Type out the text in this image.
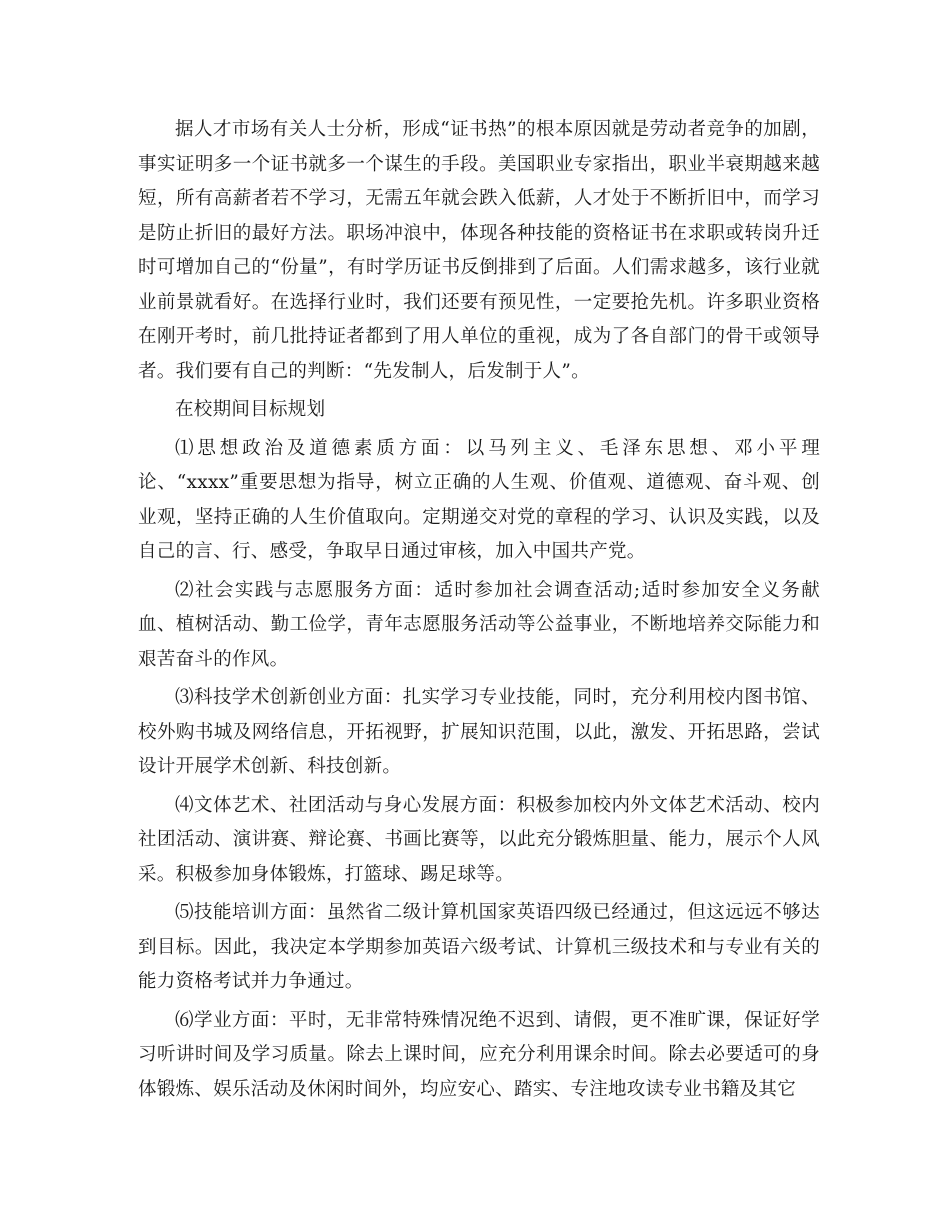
据人才市场有关人士分析，形成“证书热”的根本原因就是劳动者竞争的加剧，事实证明多一个证书就多一个谋生的手段。美国职业专家指出，职业半衰期越来越短，所有高薪者若不学习，无需五年就会跌入低薪，人才处于不断折旧中，而学习是防止折旧的最好方法。职场冲浪中，体现各种技能的资格证书在求职或转岗升迁时可增加自己的“份量”，有时学历证书反倒排到了后面。人们需求越多，该行业就业前景就看好。在选择行业时，我们还要有预见性，一定要抢先机。许多职业资格在刚开考时，前几批持证者都到了用人单位的重视，成为了各自部门的骨干或领导者。我们要有自己的判断：“先发制人，后发制于人”。

在校期间目标规划

⑴思想政治及道德素质方面：以马列主义、毛泽东思想、邓小平理论、“xxxx”重要思想为指导，树立正确的人生观、价值观、道德观、奋斗观、创业观，坚持正确的人生价值取向。定期递交对党的章程的学习、认识及实践，以及自己的言、行、感受，争取早日通过审核，加入中国共产党。

⑵社会实践与志愿服务方面：适时参加社会调查活动;适时参加安全义务献血、植树活动、勤工俭学，青年志愿服务活动等公益事业，不断地培养交际能力和艰苦奋斗的作风。

⑶科技学术创新创业方面：扎实学习专业技能，同时，充分利用校内图书馆、校外购书城及网络信息，开拓视野，扩展知识范围，以此，激发、开拓思路，尝试设计开展学术创新、科技创新。

⑷文体艺术、社团活动与身心发展方面：积极参加校内外文体艺术活动、校内社团活动、演讲赛、辩论赛、书画比赛等，以此充分锻炼胆量、能力，展示个人风采。积极参加身体锻炼，打篮球、踢足球等。

⑸技能培训方面：虽然省二级计算机国家英语四级已经通过，但这远远不够达到目标。因此，我决定本学期参加英语六级考试、计算机三级技术和与专业有关的能力资格考试并力争通过。

⑹学业方面：平时，无非常特殊情况绝不迟到、请假，更不准旷课，保证好学习听讲时间及学习质量。除去上课时间，应充分利用课余时间。除去必要适可的身体锻炼、娱乐活动及休闲时间外，均应安心、踏实、专注地攻读专业书籍及其它
